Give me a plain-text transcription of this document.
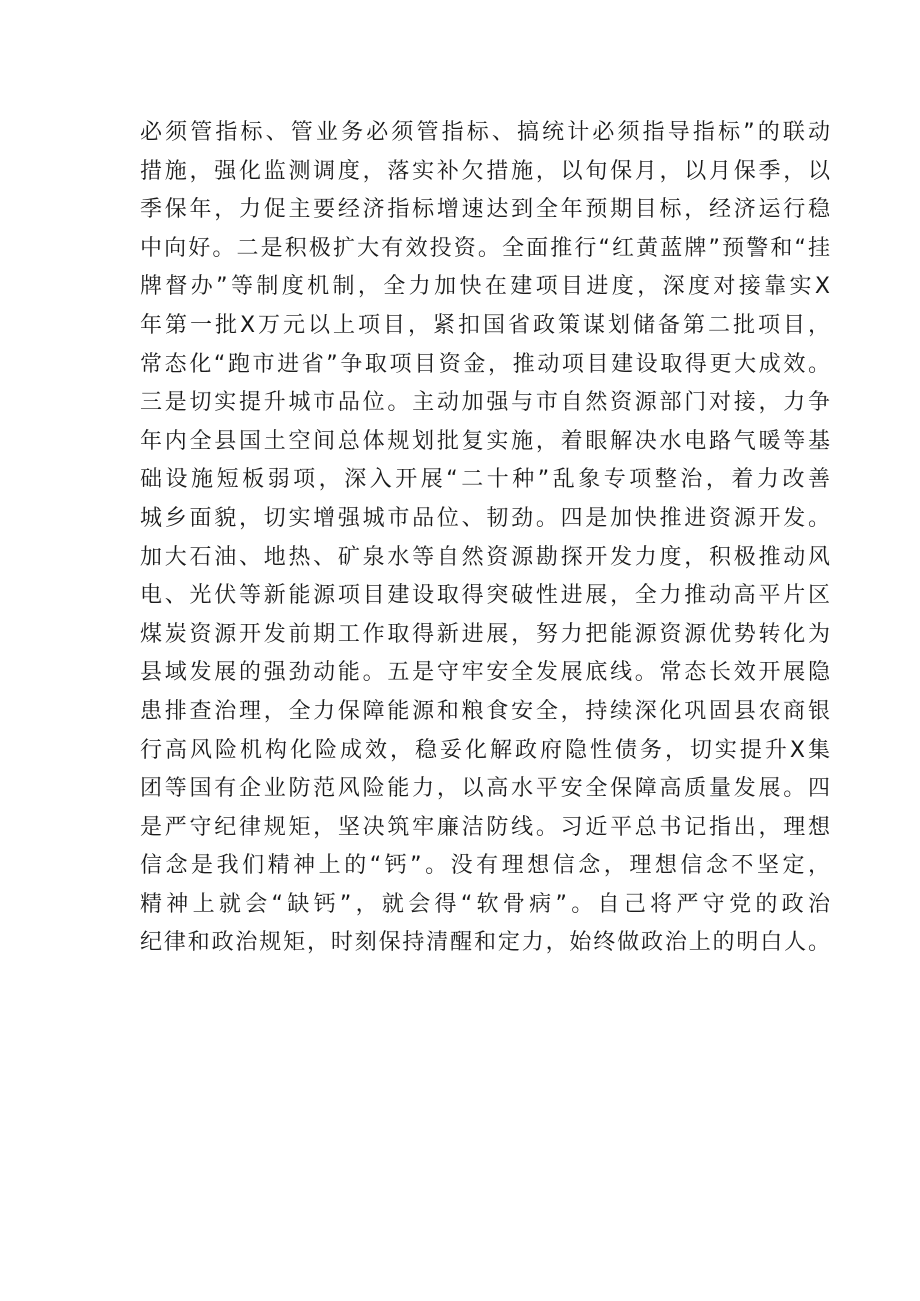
必须管指标、管业务必须管指标、搞统计必须指导指标”的联动
措施，强化监测调度，落实补欠措施，以旬保月，以月保季，以
季保年，力促主要经济指标增速达到全年预期目标，经济运行稳
中向好。二是积极扩大有效投资。全面推行“红黄蓝牌”预警和“挂
牌督办”等制度机制，全力加快在建项目进度，深度对接靠实X
年第一批X万元以上项目，紧扣国省政策谋划储备第二批项目，
常态化“跑市进省”争取项目资金，推动项目建设取得更大成效。
三是切实提升城市品位。主动加强与市自然资源部门对接，力争
年内全县国土空间总体规划批复实施，着眼解决水电路气暖等基
础设施短板弱项，深入开展“二十种”乱象专项整治，着力改善
城乡面貌，切实增强城市品位、韧劲。四是加快推进资源开发。
加大石油、地热、矿泉水等自然资源勘探开发力度，积极推动风
电、光伏等新能源项目建设取得突破性进展，全力推动高平片区
煤炭资源开发前期工作取得新进展，努力把能源资源优势转化为
县域发展的强劲动能。五是守牢安全发展底线。常态长效开展隐
患排查治理，全力保障能源和粮食安全，持续深化巩固县农商银
行高风险机构化险成效，稳妥化解政府隐性债务，切实提升X集
团等国有企业防范风险能力，以高水平安全保障高质量发展。四
是严守纪律规矩，坚决筑牢廉洁防线。习近平总书记指出，理想
信念是我们精神上的“钙”。没有理想信念，理想信念不坚定，
精神上就会“缺钙”，就会得“软骨病”。自己将严守党的政治
纪律和政治规矩，时刻保持清醒和定力，始终做政治上的明白人。
